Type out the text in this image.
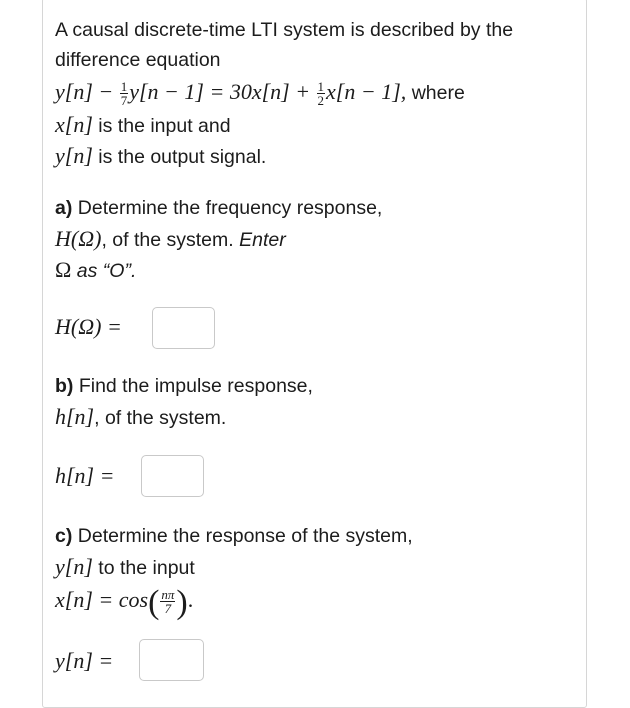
A causal discrete-time LTI system is described by the
difference equation
$y[n] - \frac{1}{7} y[n - 1] = 30x[n] + \frac{1}{2} x[n - 1]$, where
x[n] is the input and
y[n] is the output signal.
a) Determine the frequency response,
H(Ω), of the system. Enter
Ω as “O”.
H(Ω) =
b) Find the impulse response,
h[n], of the system.
h[n] =
c) Determine the response of the system,
y[n] to the input
$x[n] = \cos( \frac{n\pi}{7}$ ).
y[n] =
